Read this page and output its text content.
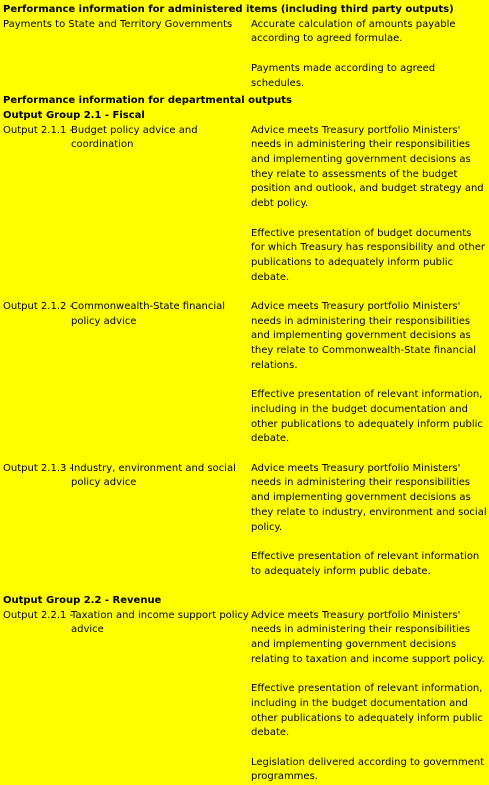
Performance information for administered items (including third party outputs)

Payments to State and Territory Governments	Accurate calculation of amounts payable according to agreed formulae.

Payments made according to agreed schedules.

Performance information for departmental outputs

Output Group 2.1 - Fiscal

Output 2.1.1 -
Budget policy advice and coordination

Advice meets Treasury portfolio Ministers' needs in administering their responsibilities and implementing government decisions as they relate to assessments of the budget position and outlook, and budget strategy and debt policy.

Effective presentation of budget documents for which Treasury has responsibility and other publications to adequately inform public debate.

Output 2.1.2 -
Commonwealth-State financial policy advice

Advice meets Treasury portfolio Ministers' needs in administering their responsibilities and implementing government decisions as they relate to Commonwealth-State financial relations.

Effective presentation of relevant information, including in the budget documentation and other publications to adequately inform public debate.

Output 2.1.3 -
Industry, environment and social policy advice

Advice meets Treasury portfolio Ministers' needs in administering their responsibilities and implementing government decisions as they relate to industry, environment and social policy.

Effective presentation of relevant information to adequately inform public debate.

Output Group 2.2 - Revenue

Output 2.2.1 -
Taxation and income support policy advice

Advice meets Treasury portfolio Ministers' needs in administering their responsibilities and implementing government decisions relating to taxation and income support policy.

Effective presentation of relevant information, including in the budget documentation and other publications to adequately inform public debate.

Legislation delivered according to government programmes.
